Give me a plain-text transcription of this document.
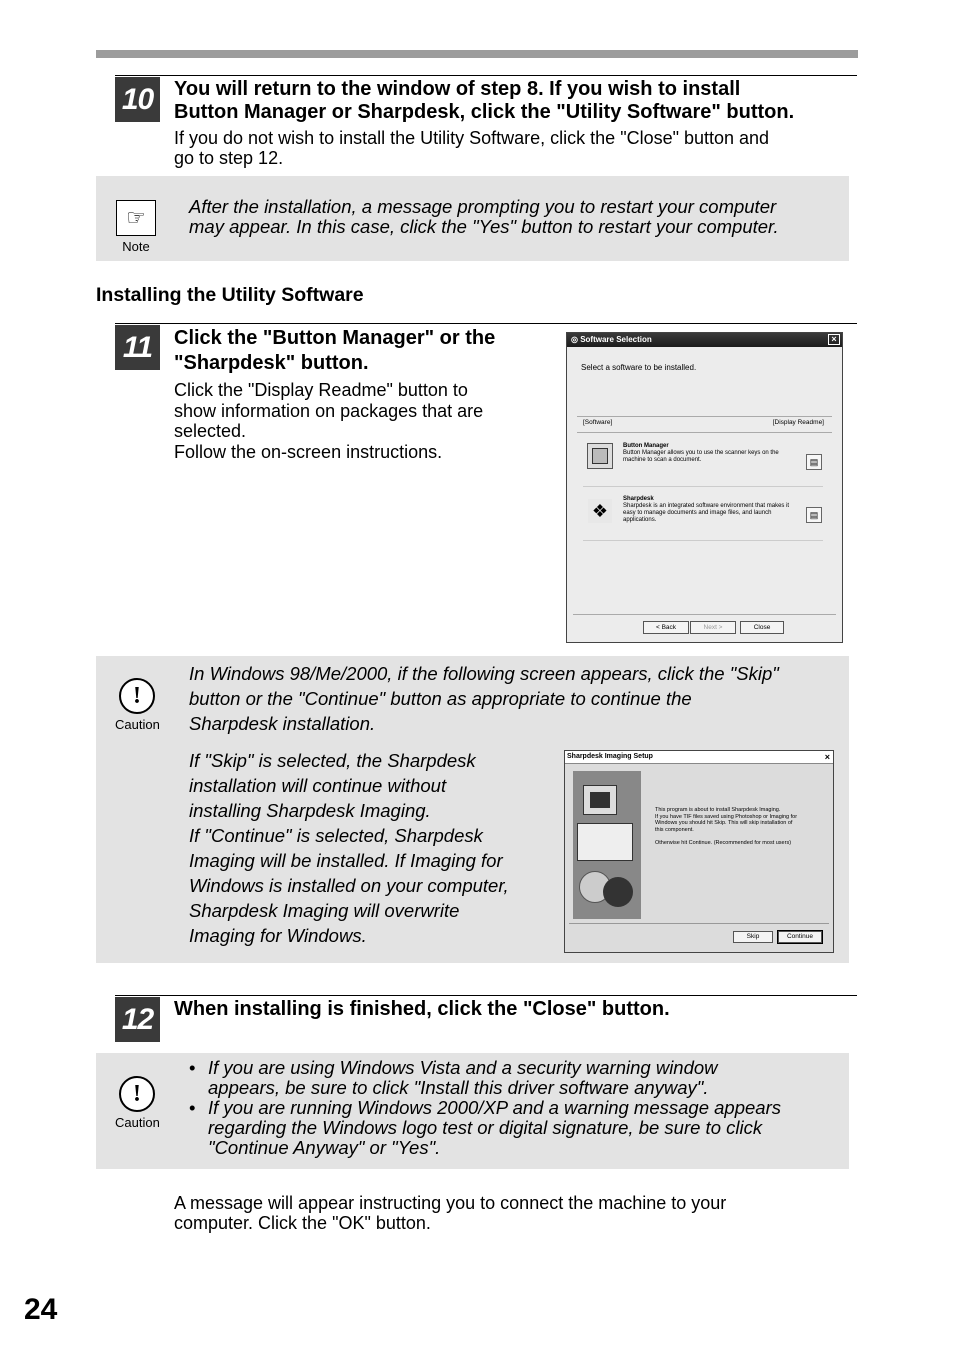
10	You will return to the window of step 8. If you wish to install
Button Manager or Sharpdesk, click the "Utility Software" button.
If you do not wish to install the Utility Software, click the "Close" button and
go to step 12.
☞
Note
After the installation, a message prompting you to restart your computer
may appear. In this case, click the "Yes" button to restart your computer.
Installing the Utility Software
11	Click the "Button Manager" or the
"Sharpdesk" button.
Click the "Display Readme" button to
show information on packages that are
selected.
Follow the on-screen instructions.
◎ Software Selection	×
Select a software to be installed.
[Software]	[Display Readme]
Button Manager
Button Manager allows you to use the scanner keys on the
machine to scan a document.	▤
❖
Sharpdesk
Sharpdesk is an integrated software environment that makes it
easy to manage documents and image files, and launch
applications.	▤
< Back	Next >	Close
!
Caution
In Windows 98/Me/2000, if the following screen appears, click the "Skip"
button or the "Continue" button as appropriate to continue the
Sharpdesk installation.
If "Skip" is selected, the Sharpdesk
installation will continue without
installing Sharpdesk Imaging.
If "Continue" is selected, Sharpdesk
Imaging will be installed. If Imaging for
Windows is installed on your computer,
Sharpdesk Imaging will overwrite
Imaging for Windows.
Sharpdesk Imaging Setup	×
This program is about to install Sharpdesk Imaging.
If you have TIF files saved using Photoshop or Imaging for
Windows you should hit Skip. This will skip installation of
this component.
Otherwise hit Continue. (Recommended for most users)
Skip	Continue
12	When installing is finished, click the "Close" button.
!
Caution
• If you are using Windows Vista and a security warning window
appears, be sure to click "Install this driver software anyway".
• If you are running Windows 2000/XP and a warning message appears
regarding the Windows logo test or digital signature, be sure to click
"Continue Anyway" or "Yes".
A message will appear instructing you to connect the machine to your
computer. Click the "OK" button.
24
